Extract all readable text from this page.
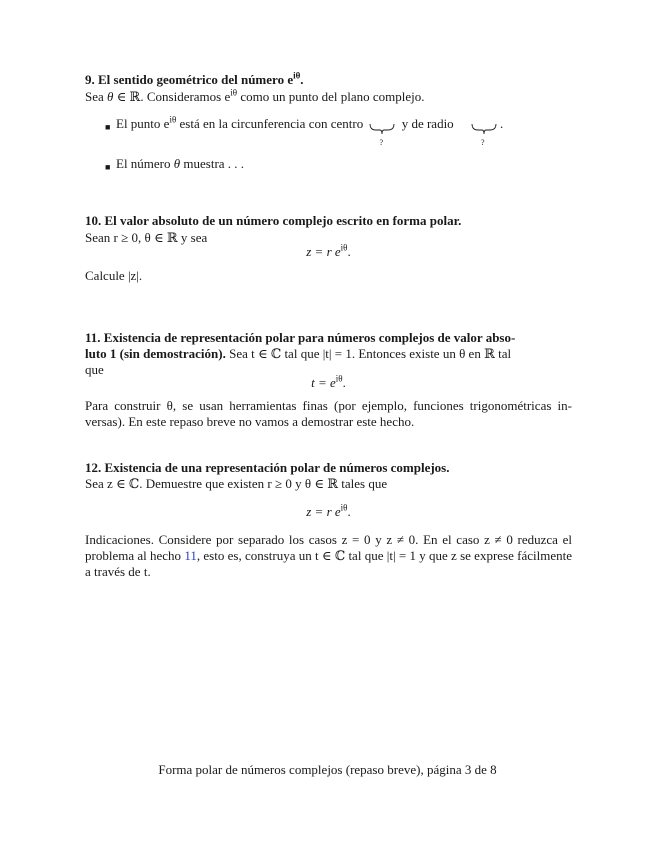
9. El sentido geométrico del número $e^{i\theta}$.
Sea θ ∈ ℝ. Consideramos $e^{i\theta}$ como un punto del plano complejo.
■ El punto $e^{i\theta}$ está en la circunferencia con centro
?
y de radio
?
.
■ El número θ muestra . . .
10. El valor absoluto de un número complejo escrito en forma polar.
Sean r ≥ 0, θ ∈ ℝ y sea
z = r $e^{i\theta}$.
Calcule |z|.
11. Existencia de representación polar para números complejos de valor abso-
luto 1 (sin demostración). Sea t ∈ ℂ tal que |t| = 1. Entonces existe un θ en ℝ tal
que
$t = e^{i\theta}$.
Para construir θ, se usan herramientas finas (por ejemplo, funciones trigonométricas in-versas). En este repaso breve no vamos a demostrar este hecho.
12. Existencia de una representación polar de números complejos.
Sea z ∈ ℂ. Demuestre que existen r ≥ 0 y θ ∈ ℝ tales que
z = r $e^{i\theta}$.
Indicaciones. Considere por separado los casos z = 0 y z ≠ 0. En el caso z ≠ 0 reduzca el problema al hecho 11, esto es, construya un t ∈ ℂ tal que |t| = 1 y que z se exprese fácilmente a través de t.
Forma polar de números complejos (repaso breve), página 3 de 8
